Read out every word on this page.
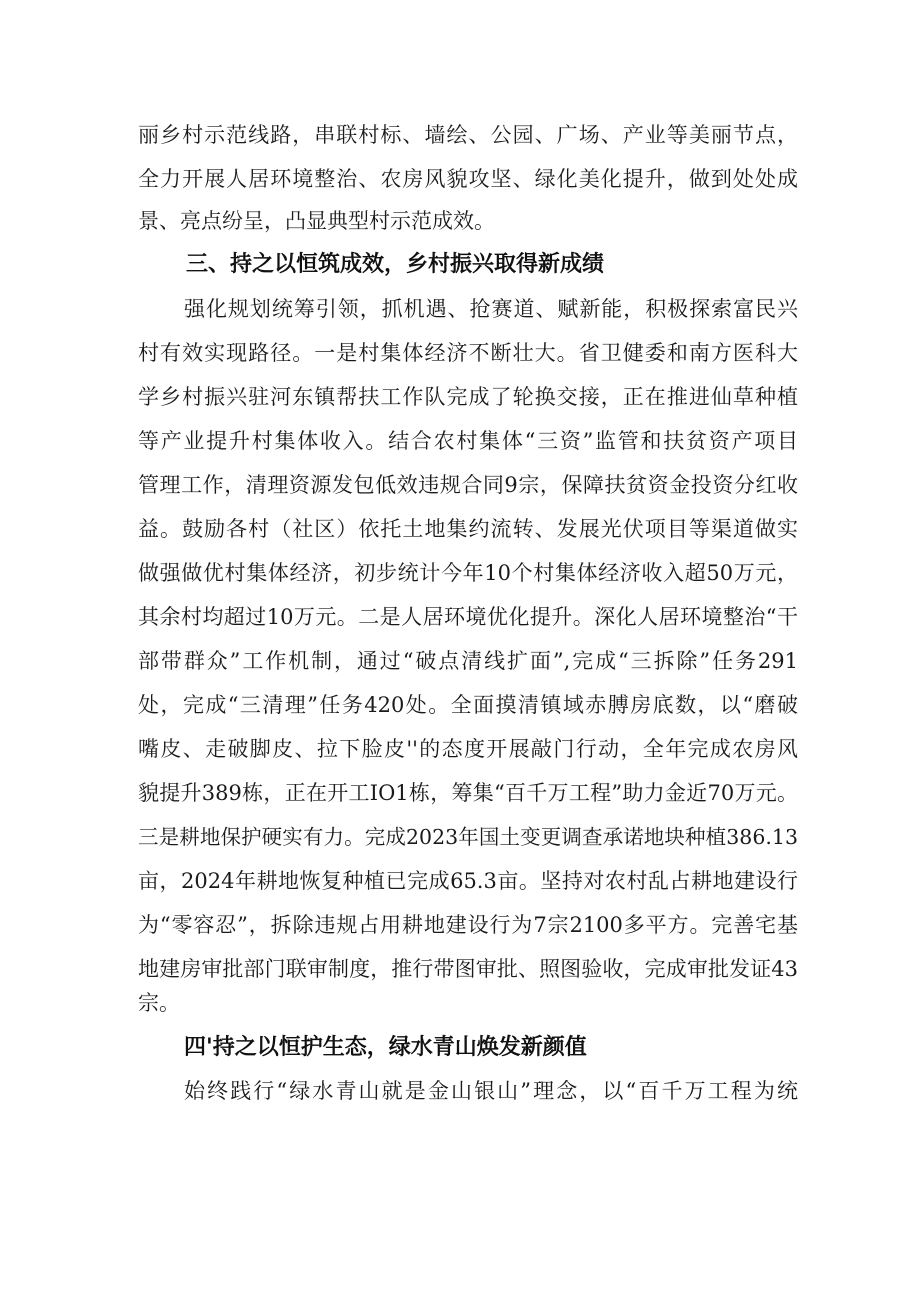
丽乡村示范线路，串联村标、墙绘、公园、广场、产业等美丽节点，
全力开展人居环境整治、农房风貌攻坚、绿化美化提升，做到处处成
景、亮点纷呈，凸显典型村示范成效。
三、持之以恒筑成效，乡村振兴取得新成绩
强化规划统筹引领，抓机遇、抢赛道、赋新能，积极探索富民兴
村有效实现路径。一是村集体经济不断壮大。省卫健委和南方医科大
学乡村振兴驻河东镇帮扶工作队完成了轮换交接，正在推进仙草种植
等产业提升村集体收入。结合农村集体“三资”监管和扶贫资产项目
管理工作，清理资源发包低效违规合同9宗，保障扶贫资金投资分红收
益。鼓励各村（社区）依托土地集约流转、发展光伏项目等渠道做实
做强做优村集体经济，初步统计今年10个村集体经济收入超50万元，
其余村均超过10万元。二是人居环境优化提升。深化人居环境整治“干
部带群众”工作机制，通过“破点清线扩面”,完成“三拆除”任务291
处，完成“三清理”任务420处。全面摸清镇域赤膊房底数，以“磨破
嘴皮、走破脚皮、拉下脸皮''的态度开展敲门行动，全年完成农房风
貌提升389栋，正在开工IO1栋，筹集“百千万工程”助力金近70万元。
三是耕地保护硬实有力。完成2023年国土变更调查承诺地块种植386.13
亩，2024年耕地恢复种植已完成65.3亩。坚持对农村乱占耕地建设行
为“零容忍”，拆除违规占用耕地建设行为7宗2100多平方。完善宅基
地建房审批部门联审制度，推行带图审批、照图验收，完成审批发证43
宗。
四'持之以恒护生态，绿水青山焕发新颜值
始终践行“绿水青山就是金山银山”理念，以“百千万工程为统
